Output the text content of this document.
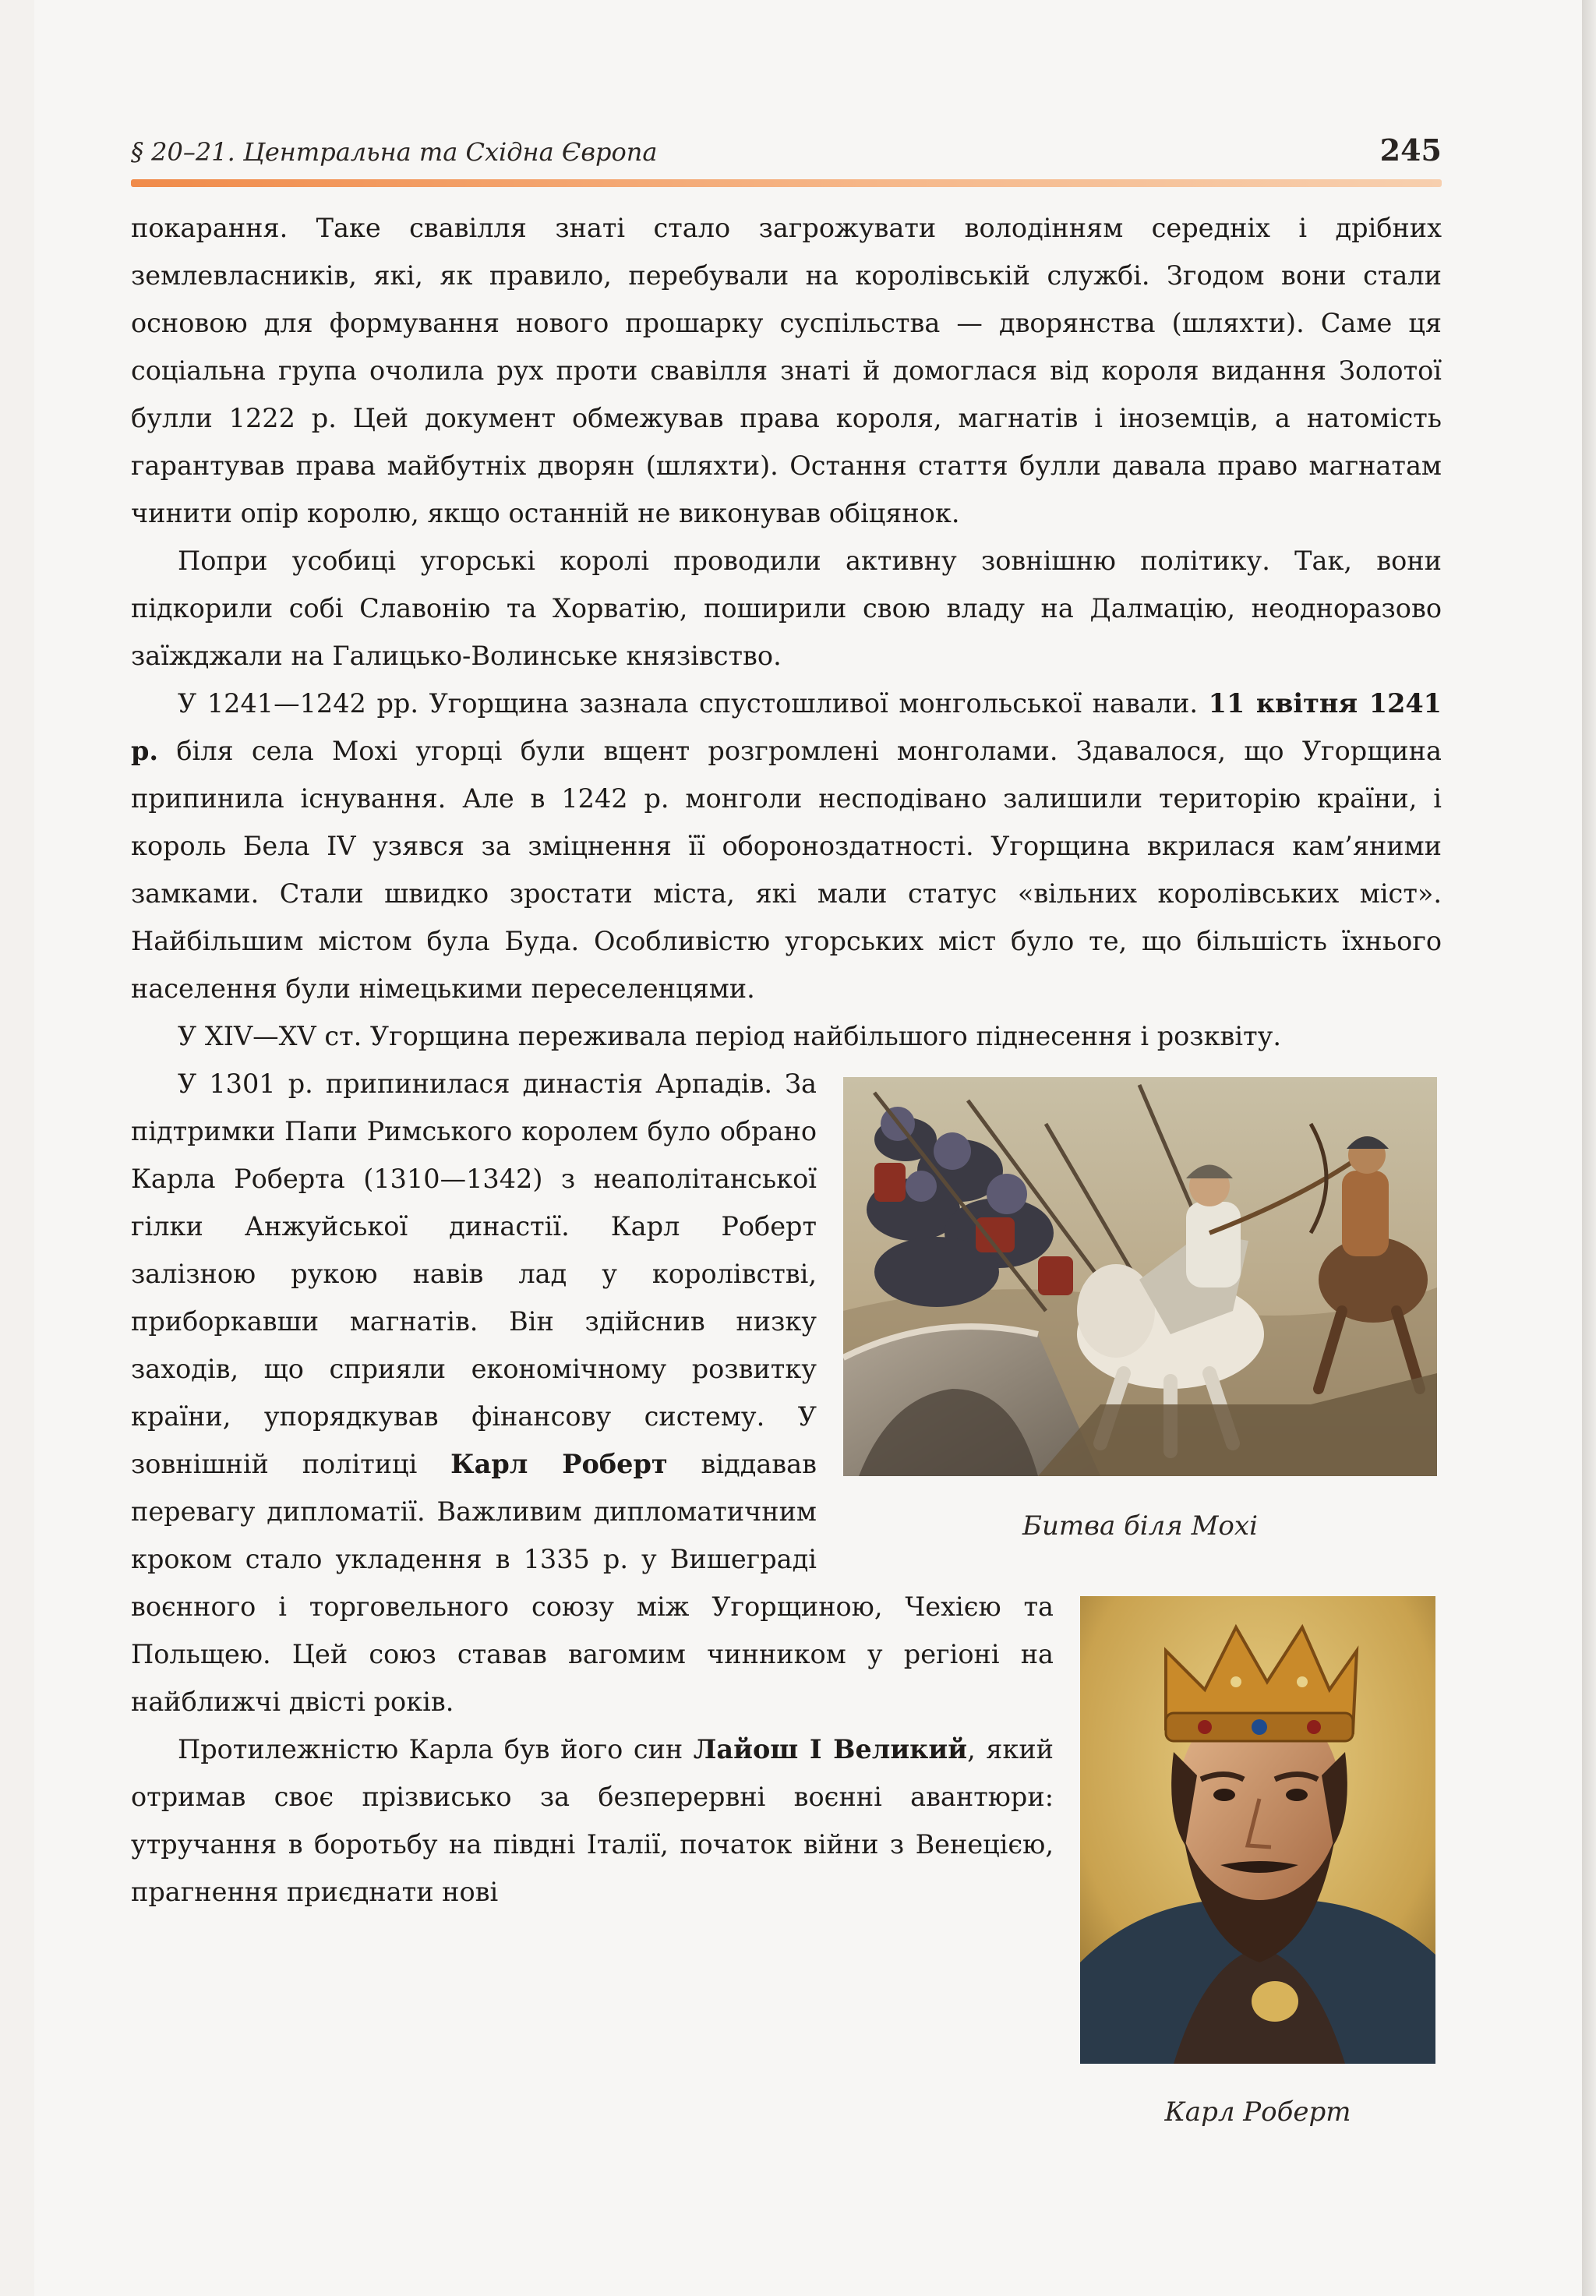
§ 20–21. Центральна та Східна Європа	245
Битва біля Мохі
Карл Роберт

покарання. Таке свавілля знаті стало загрожувати володінням середніх і дрібних землевласників, які, як правило, перебували на королівській службі. Згодом вони стали основою для формування нового прошарку суспільства — дворянства (шляхти). Саме ця соціальна група очолила рух проти свавілля знаті й домоглася від короля видання Золотої булли 1222 р. Цей документ обмежував права короля, магнатів і іноземців, а натомість гарантував права майбутніх дворян (шляхти). Остання стаття булли давала право магнатам чинити опір королю, якщо останній не виконував обіцянок.

Попри усобиці угорські королі проводили активну зовнішню політику. Так, вони підкорили собі Славонію та Хорватію, поширили свою владу на Далмацію, неодноразово заїжджали на Галицько-Волинське князівство.

У 1241—1242 рр. Угорщина зазнала спустошливої монгольської навали. 11 квітня 1241 р. біля села Мохі угорці були вщент розгромлені монголами. Здавалося, що Угорщина припинила існування. Але в 1242 р. монголи несподівано залишили територію країни, і король Бела IV узявся за зміцнення її обороноздатності. Угорщина вкрилася кам’яними замками. Стали швидко зростати міста, які мали статус «вільних королівських міст». Найбільшим містом була Буда. Особливістю угорських міст було те, що більшість їхнього населення були німецькими переселенцями.

У XIV—XV ст. Угорщина переживала період найбільшого піднесення і розквіту.

У 1301 р. припинилася династія Арпадів. За підтримки Папи Римського королем було обрано Карла Роберта (1310—1342) з неаполітанської гілки Анжуйської династії. Карл Роберт залізною рукою навів лад у королівстві, приборкавши магнатів. Він здійснив низку заходів, що сприяли економічному розвитку країни, упорядкував фінансову систему. У зовнішній політиці Карл Роберт віддавав перевагу дипломатії. Важливим дипломатичним кроком стало укладення в 1335 р. у Вишеграді воєнного і торговельного союзу між Угорщиною, Чехією та Польщею. Цей союз ставав вагомим чинником у регіоні на найближчі двісті років.

Протилежністю Карла був його син Лайош І Великий, який отримав своє прізвисько за безперервні воєнні авантюри: утручання в боротьбу на півдні Італії, початок війни з Венецією, прагнення приєднати нові
